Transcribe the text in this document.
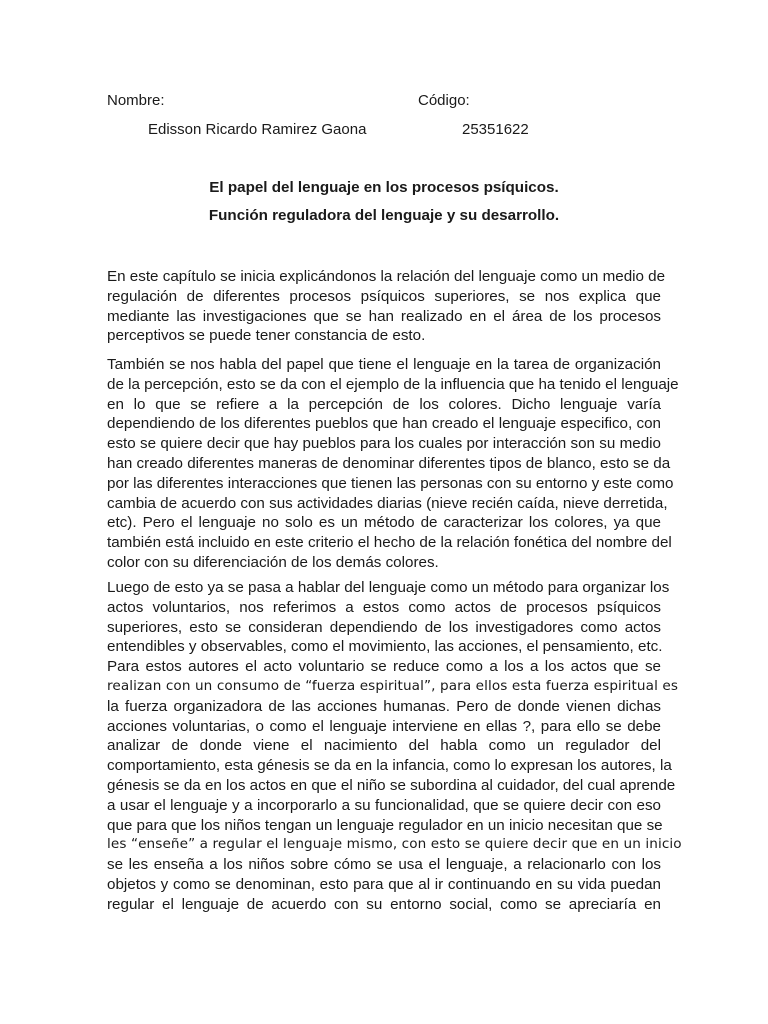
Nombre:	Código:
Edisson Ricardo Ramirez Gaona	25351622
El papel del lenguaje en los procesos psíquicos.
Función reguladora del lenguaje y su desarrollo.
En este capítulo se inicia explicándonos la relación del lenguaje como un medio de
regulación de diferentes procesos psíquicos superiores, se nos explica que
mediante las investigaciones que se han realizado en el área de los procesos
perceptivos se puede tener constancia de esto.
También se nos habla del papel que tiene el lenguaje en la tarea de organización
de la percepción, esto se da con el ejemplo de la influencia que ha tenido el lenguaje
en lo que se refiere a la percepción de los colores. Dicho lenguaje varía
dependiendo de los diferentes pueblos que han creado el lenguaje especifico, con
esto se quiere decir que hay pueblos para los cuales por interacción son su medio
han creado diferentes maneras de denominar diferentes tipos de blanco, esto se da
por las diferentes interacciones que tienen las personas con su entorno y este como
cambia de acuerdo con sus actividades diarias (nieve recién caída, nieve derretida,
etc). Pero el lenguaje no solo es un método de caracterizar los colores, ya que
también está incluido en este criterio el hecho de la relación fonética del nombre del
color con su diferenciación de los demás colores.
Luego de esto ya se pasa a hablar del lenguaje como un método para organizar los
actos voluntarios, nos referimos a estos como actos de procesos psíquicos
superiores, esto se consideran dependiendo de los investigadores como actos
entendibles y observables, como el movimiento, las acciones, el pensamiento, etc.
Para estos autores el acto voluntario se reduce como a los a los actos que se
realizan con un consumo de “fuerza espiritual”, para ellos esta fuerza espiritual es
la fuerza organizadora de las acciones humanas. Pero de donde vienen dichas
acciones voluntarias, o como el lenguaje interviene en ellas ?, para ello se debe
analizar de donde viene el nacimiento del habla como un regulador del
comportamiento, esta génesis se da en la infancia, como lo expresan los autores, la
génesis se da en los actos en que el niño se subordina al cuidador, del cual aprende
a usar el lenguaje y a incorporarlo a su funcionalidad, que se quiere decir con eso
que para que los niños tengan un lenguaje regulador en un inicio necesitan que se
les “enseñe” a regular el lenguaje mismo, con esto se quiere decir que en un inicio
se les enseña a los niños sobre cómo se usa el lenguaje, a relacionarlo con los
objetos y como se denominan, esto para que al ir continuando en su vida puedan
regular el lenguaje de acuerdo con su entorno social, como se apreciaría en
